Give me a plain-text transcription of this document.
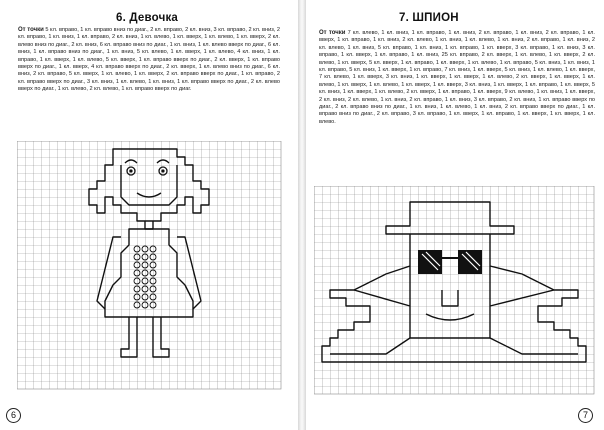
6. Девочка
От точки 5 кл. вправо, 1 кл. вправо вниз по диаг., 2 кл. вправо, 2 кл. вниз, 3 кл. вправо, 2 кл. вниз, 2 кл. вправо, 1 кл. вниз, 1 кл. вправо, 2 кл. вниз, 1 кл. влево, 1 кл. вверх, 1 кл. влево, 1 кл. вверх, 2 кл. влево вниз по диаг., 2 кл. вниз, 6 кл. вправо вниз по диаг., 1 кл. вниз, 1 кл. влево вверх по диаг., 6 кл. вниз, 1 кл. вправо вниз по диаг., 1 кл. вниз, 5 кл. влево, 1 кл. вверх, 1 кл. влево, 4 кл. вниз, 1 кл. вправо, 1 кл. вверх, 1 кл. влево, 5 кл. вверх, 1 кл. вправо вверх по диаг., 2 кл. вверх, 1 кл. вправо вверх по диаг., 1 кл. вверх, 4 кл. вправо вверх по диаг., 2 кл. вверх, 1 кл. влево вниз по диаг., 6 кл. вниз, 2 кл. вправо, 5 кл. вверх, 1 кл. влево, 1 кл. вверх, 2 кл. вправо вверх по диаг., 1 кл. вправо, 2 кл. вправо вверх по диаг., 3 кл. вниз, 1 кл. влево, 1 кл. вниз, 1 кл. вправо вверх по диаг., 2 кл. влево вверх по диаг., 1 кл. влево, 2 кл. влево, 1 кл. вправо вверх по диаг.
6
7. ШПИОН
От точки 7 кл. влево, 1 кл. вниз, 1 кл. вправо, 1 кл. вниз, 2 кл. вправо, 1 кл. вниз, 2 кл. вправо, 1 кл. вверх, 1 кл. вправо, 1 кл. вниз, 2 кл. влево, 1 кл. вниз, 1 кл. влево, 1 кл. вниз, 2 кл. вправо, 1 кл. вниз, 2 кл. влево, 1 кл. вниз, 5 кл. вправо, 1 кл. вниз, 1 кл. вправо, 1 кл. вверх, 3 кл. вправо, 1 кл. вниз, 3 кл. вправо, 1 кл. вверх, 1 кл. вправо, 1 кл. вниз, 25 кл. вправо, 2 кл. вверх, 1 кл. влево, 1 кл. вверх, 2 кл. влево, 1 кл. вверх, 5 кл. вверх, 1 кл. вправо, 1 кл. вверх, 1 кл. влево, 1 кл. вправо, 5 кл. вниз, 1 кл. вниз, 1 кл. вправо, 5 кл. вниз, 1 кл. вверх, 1 кл. вправо, 7 кл. вниз, 1 кл. вверх, 5 кл. вниз, 1 кл. влево, 1 кл. вверх, 7 кл. влево, 1 кл. вверх, 3 кл. вниз, 1 кл. вверх, 1 кл. вверх, 1 кл. влево, 2 кл. вверх, 1 кл. вверх, 1 кл. влево, 1 кл. вверх, 1 кл. влево, 1 кл. вверх, 1 кл. вверх, 3 кл. вниз, 1 кл. вверх, 1 кл. вправо, 1 кл. вверх, 5 кл. вниз, 1 кл. вверх, 1 кл. влево, 2 кл. вверх, 1 кл. вправо, 1 кл. вверх, 9 кл. влево, 1 кл. вниз, 1 кл. вверх, 2 кл. вниз, 2 кл. влево, 1 кл. вниз, 2 кл. вправо, 1 кл. вниз, 3 кл. вправо, 2 кл. вниз, 1 кл. вправо вверх по диаг., 2 кл. вправо вниз по диаг., 1 кл. вниз, 1 кл. влево, 1 кл. вниз, 2 кл. вправо вверх по диаг., 1 кл. вправо вниз по диаг., 2 кл. вправо, 3 кл. вправо, 1 кл. вверх, 1 кл. вправо, 1 кл. вверх, 1 кл. вверх, 1 кл. влево.
7
